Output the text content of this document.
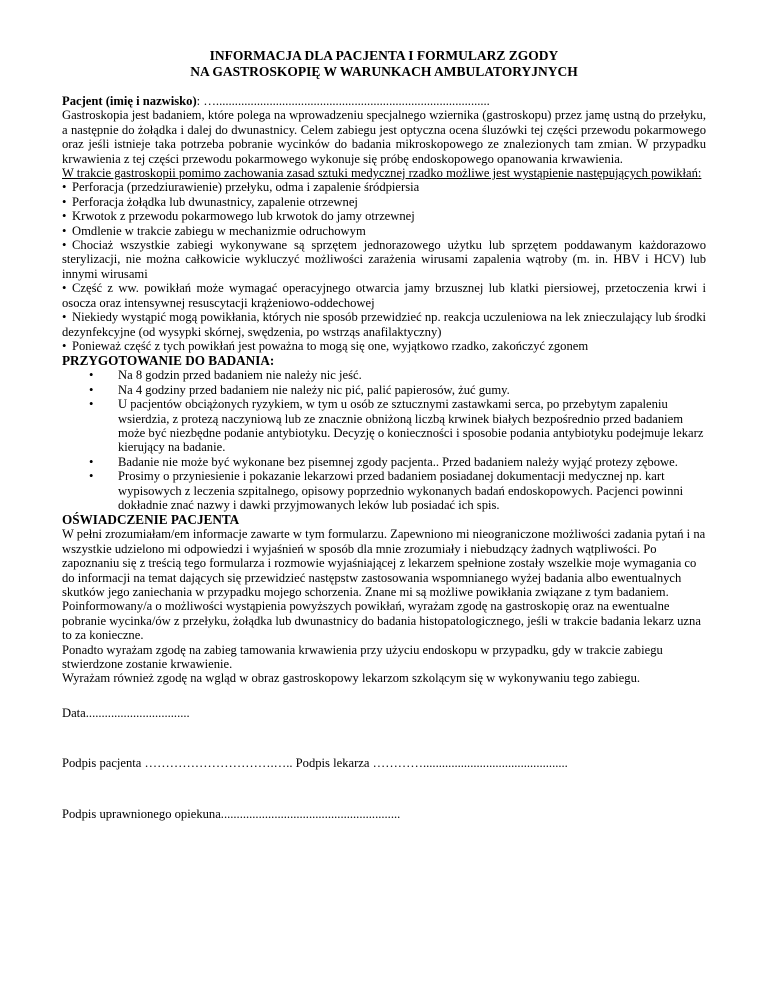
INFORMACJA DLA PACJENTA I FORMULARZ ZGODY
NA GASTROSKOPIĘ W WARUNKACH AMBULATORYJNYCH

Pacjent (imię i nazwisko): ….......................................................................................

Gastroskopia jest badaniem, które polega na wprowadzeniu specjalnego wziernika (gastroskopu) przez jamę ustną do przełyku, a następnie do żołądka i dalej do dwunastnicy. Celem zabiegu jest optyczna ocena śluzówki tej części przewodu pokarmowego oraz jeśli istnieje taka potrzeba pobranie wycinków do badania mikroskopowego ze znalezionych tam zmian. W przypadku krwawienia z tej części przewodu pokarmowego wykonuje się próbę endoskopowego opanowania krwawienia.

W trakcie gastroskopii pomimo zachowania zasad sztuki medycznej rzadko możliwe jest wystąpienie następujących powikłań:

• Perforacja (przedziurawienie) przełyku, odma i zapalenie śródpiersia

• Perforacja żołądka lub dwunastnicy, zapalenie otrzewnej

• Krwotok z przewodu pokarmowego lub krwotok do jamy otrzewnej

• Omdlenie w trakcie zabiegu w mechanizmie odruchowym

• Chociaż wszystkie zabiegi wykonywane są sprzętem jednorazowego użytku lub sprzętem poddawanym każdorazowo sterylizacji, nie można całkowicie wykluczyć możliwości zarażenia wirusami zapalenia wątroby (m. in. HBV i HCV) lub innymi wirusami

• Część z ww. powikłań może wymagać operacyjnego otwarcia jamy brzusznej lub klatki piersiowej, przetoczenia krwi i osocza oraz intensywnej resuscytacji krążeniowo-oddechowej

• Niekiedy wystąpić mogą powikłania, których nie sposób przewidzieć np. reakcja uczuleniowa na lek znieczulający lub środki dezynfekcyjne (od wysypki skórnej, swędzenia, po wstrząs anafilaktyczny)

• Ponieważ część z tych powikłań jest poważna to mogą się one, wyjątkowo rzadko, zakończyć zgonem

PRZYGOTOWANIE DO BADANIA:

• Na 8 godzin przed badaniem nie należy nic jeść.
• Na 4 godziny przed badaniem nie należy nic pić, palić papierosów, żuć gumy.
• U pacjentów obciążonych ryzykiem, w tym u osób ze sztucznymi zastawkami serca, po przebytym zapaleniu wsierdzia, z protezą naczyniową lub ze znacznie obniżoną liczbą krwinek białych bezpośrednio przed badaniem może być niezbędne podanie antybiotyku. Decyzję o konieczności i sposobie podania antybiotyku podejmuje lekarz kierujący na badanie.
• Badanie nie może być wykonane bez pisemnej zgody pacjenta.. Przed badaniem należy wyjąć protezy zębowe.
• Prosimy o przyniesienie i pokazanie lekarzowi przed badaniem posiadanej dokumentacji medycznej np. kart wypisowych z leczenia szpitalnego, opisowy poprzednio wykonanych badań endoskopowych. Pacjenci powinni dokładnie znać nazwy i dawki przyjmowanych leków lub posiadać ich spis.

OŚWIADCZENIE PACJENTA

W pełni zrozumiałam/em informacje zawarte w tym formularzu. Zapewniono mi nieograniczone możliwości zadania pytań i na wszystkie udzielono mi odpowiedzi i wyjaśnień w sposób dla mnie zrozumiały i niebudzący żadnych wątpliwości. Po zapoznaniu się z treścią tego formularza i rozmowie wyjaśniającej z lekarzem spełnione zostały wszelkie moje wymagania co do informacji na temat dających się przewidzieć następstw zastosowania wspomnianego wyżej badania albo ewentualnych skutków jego zaniechania w przypadku mojego schorzenia. Znane mi są możliwe powikłania związane z tym badaniem.

Poinformowany/a o możliwości wystąpienia powyższych powikłań, wyrażam zgodę na gastroskopię oraz na ewentualne pobranie wycinka/ów z przełyku, żołądka lub dwunastnicy do badania histopatologicznego, jeśli w trakcie badania lekarz uzna to za konieczne.

Ponadto wyrażam zgodę na zabieg tamowania krwawienia przy użyciu endoskopu w przypadku, gdy w trakcie zabiegu stwierdzone zostanie krwawienie.

Wyrażam również zgodę na wgląd w obraz gastroskopowy lekarzom szkolącym się w wykonywaniu tego zabiegu.

Data.................................

Podpis pacjenta ………………………….….. Podpis lekarza …………..............................................

Podpis uprawnionego opiekuna.........................................................
